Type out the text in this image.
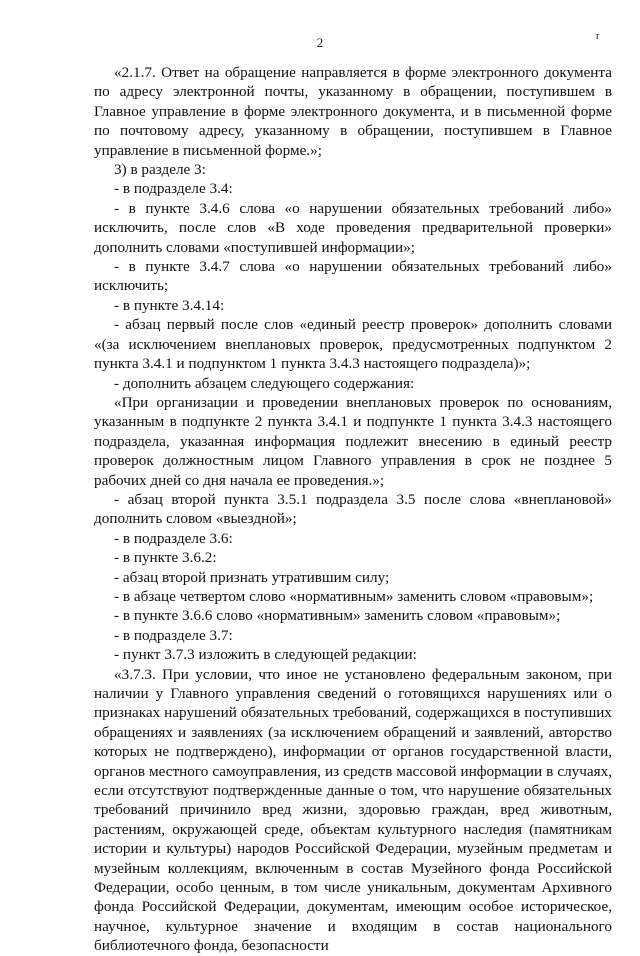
2	r

«2.1.7. Ответ на обращение направляется в форме электронного документа по адресу электронной почты, указанному в обращении, поступившем в Главное управление в форме электронного документа, и в письменной форме по почтовому адресу, указанному в обращении, поступившем в Главное управление в письменной форме.»;

3) в разделе 3:

- в подразделе 3.4:

- в пункте 3.4.6 слова «о нарушении обязательных требований либо» исключить, после слов «В ходе проведения предварительной проверки» дополнить словами «поступившей информации»;

- в пункте 3.4.7 слова «о нарушении обязательных требований либо» исключить;

- в пункте 3.4.14:

- абзац первый после слов «единый реестр проверок» дополнить словами «(за исключением внеплановых проверок, предусмотренных подпунктом 2 пункта 3.4.1 и подпунктом 1 пункта 3.4.3 настоящего подраздела)»;

- дополнить абзацем следующего содержания:

«При организации и проведении внеплановых проверок по основаниям, указанным в подпункте 2 пункта 3.4.1 и подпункте 1 пункта 3.4.3 настоящего подраздела, указанная информация подлежит внесению в единый реестр проверок должностным лицом Главного управления в срок не позднее 5 рабочих дней со дня начала ее проведения.»;

- абзац второй пункта 3.5.1 подраздела 3.5 после слова «внеплановой» дополнить словом «выездной»;

- в подразделе 3.6:

- в пункте 3.6.2:

- абзац второй признать утратившим силу;

- в абзаце четвертом слово «нормативным» заменить словом «правовым»;

- в пункте 3.6.6 слово «нормативным» заменить словом «правовым»;

- в подразделе 3.7:

- пункт 3.7.3 изложить в следующей редакции:

«3.7.3. При условии, что иное не установлено федеральным законом, при наличии у Главного управления сведений о готовящихся нарушениях или о признаках нарушений обязательных требований, содержащихся в поступивших обращениях и заявлениях (за исключением обращений и заявлений, авторство которых не подтверждено), информации от органов государственной власти, органов местного самоуправления, из средств массовой информации в случаях, если отсутствуют подтвержденные данные о том, что нарушение обязательных требований причинило вред жизни, здоровью граждан, вред животным, растениям, окружающей среде, объектам культурного наследия (памятникам истории и культуры) народов Российской Федерации, музейным предметам и музейным коллекциям, включенным в состав Музейного фонда Российской Федерации, особо ценным, в том числе уникальным, документам Архивного фонда Российской Федерации, документам, имеющим особое историческое, научное, культурное значение и входящим в состав национального библиотечного фонда, безопасности
